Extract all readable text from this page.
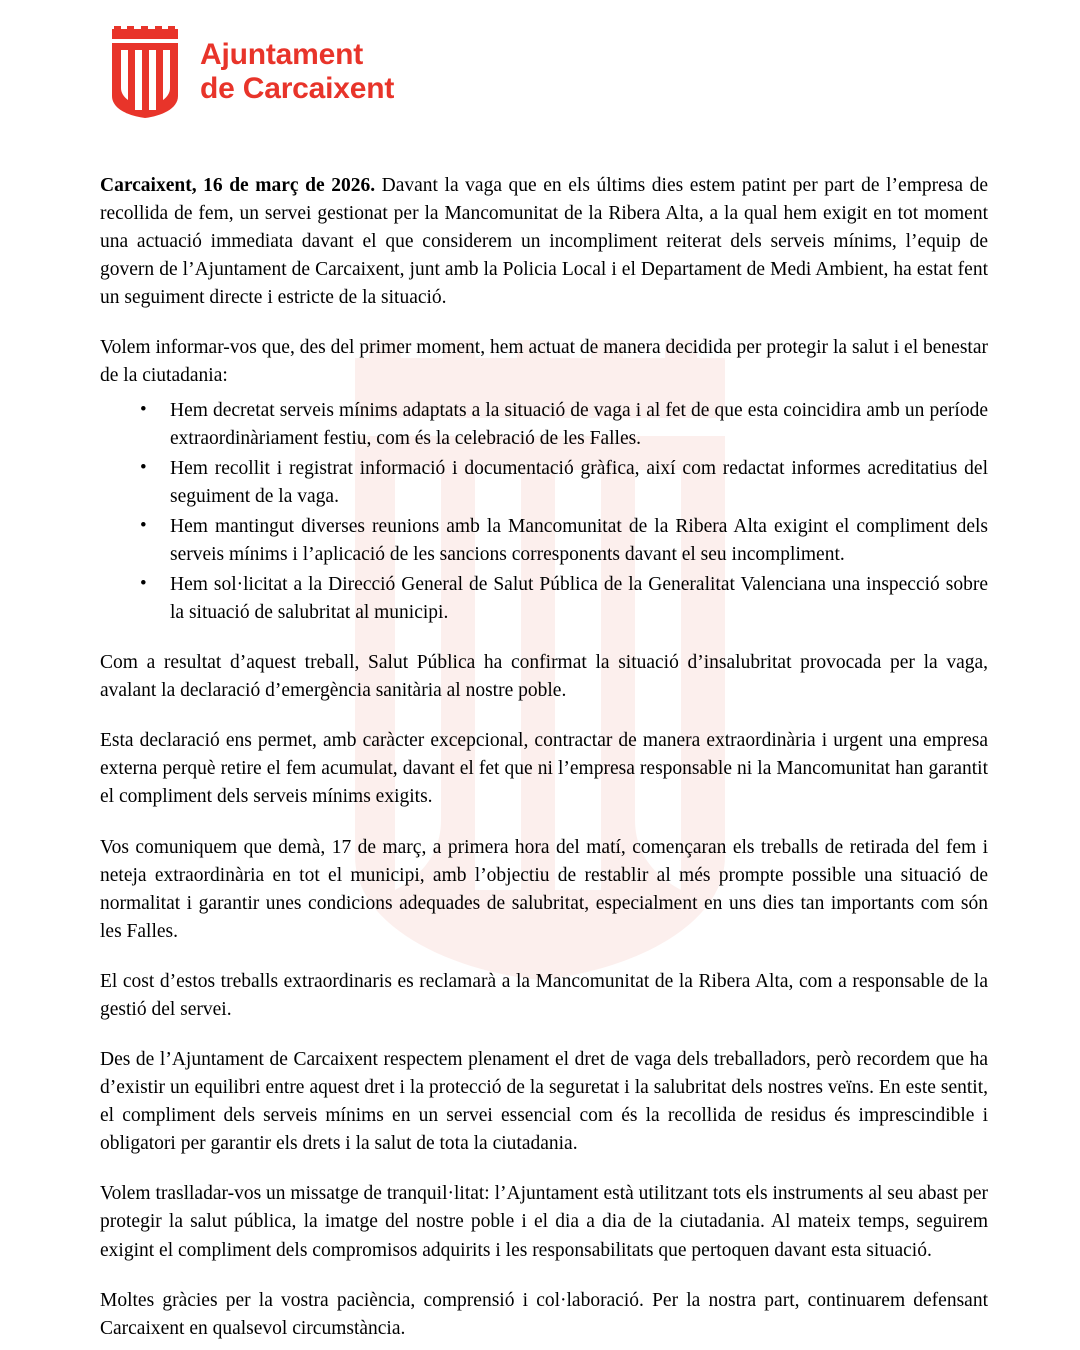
Ajuntament
de Carcaixent

Carcaixent, 16 de març de 2026. Davant la vaga que en els últims dies estem patint per part de l’empresa de recollida de fem, un servei gestionat per la Mancomunitat de la Ribera Alta, a la qual hem exigit en tot moment una actuació immediata davant el que considerem un incompliment reiterat dels serveis mínims, l’equip de govern de l’Ajuntament de Carcaixent, junt amb la Policia Local i el Departament de Medi Ambient, ha estat fent un seguiment directe i estricte de la situació.

Volem informar-vos que, des del primer moment, hem actuat de manera decidida per protegir la salut i el benestar de la ciutadania:

• Hem decretat serveis mínims adaptats a la situació de vaga i al fet de que esta coincidira amb un període extraordinàriament festiu, com és la celebració de les Falles.
• Hem recollit i registrat informació i documentació gràfica, així com redactat informes acreditatius del seguiment de la vaga.
• Hem mantingut diverses reunions amb la Mancomunitat de la Ribera Alta exigint el compliment dels serveis mínims i l’aplicació de les sancions corresponents davant el seu incompliment.
• Hem sol·licitat a la Direcció General de Salut Pública de la Generalitat Valenciana una inspecció sobre la situació de salubritat al municipi.

Com a resultat d’aquest treball, Salut Pública ha confirmat la situació d’insalubritat provocada per la vaga, avalant la declaració d’emergència sanitària al nostre poble.

Esta declaració ens permet, amb caràcter excepcional, contractar de manera extraordinària i urgent una empresa externa perquè retire el fem acumulat, davant el fet que ni l’empresa responsable ni la Mancomunitat han garantit el compliment dels serveis mínims exigits.

Vos comuniquem que demà, 17 de març, a primera hora del matí, començaran els treballs de retirada del fem i neteja extraordinària en tot el municipi, amb l’objectiu de restablir al més prompte possible una situació de normalitat i garantir unes condicions adequades de salubritat, especialment en uns dies tan importants com són les Falles.

El cost d’estos treballs extraordinaris es reclamarà a la Mancomunitat de la Ribera Alta, com a responsable de la gestió del servei.

Des de l’Ajuntament de Carcaixent respectem plenament el dret de vaga dels treballadors, però recordem que ha d’existir un equilibri entre aquest dret i la protecció de la seguretat i la salubritat dels nostres veïns. En este sentit, el compliment dels serveis mínims en un servei essencial com és la recollida de residus és imprescindible i obligatori per garantir els drets i la salut de tota la ciutadania.

Volem traslladar-vos un missatge de tranquil·litat: l’Ajuntament està utilitzant tots els instruments al seu abast per protegir la salut pública, la imatge del nostre poble i el dia a dia de la ciutadania. Al mateix temps, seguirem exigint el compliment dels compromisos adquirits i les responsabilitats que pertoquen davant esta situació.

Moltes gràcies per la vostra paciència, comprensió i col·laboració. Per la nostra part, continuarem defensant Carcaixent en qualsevol circumstància.
